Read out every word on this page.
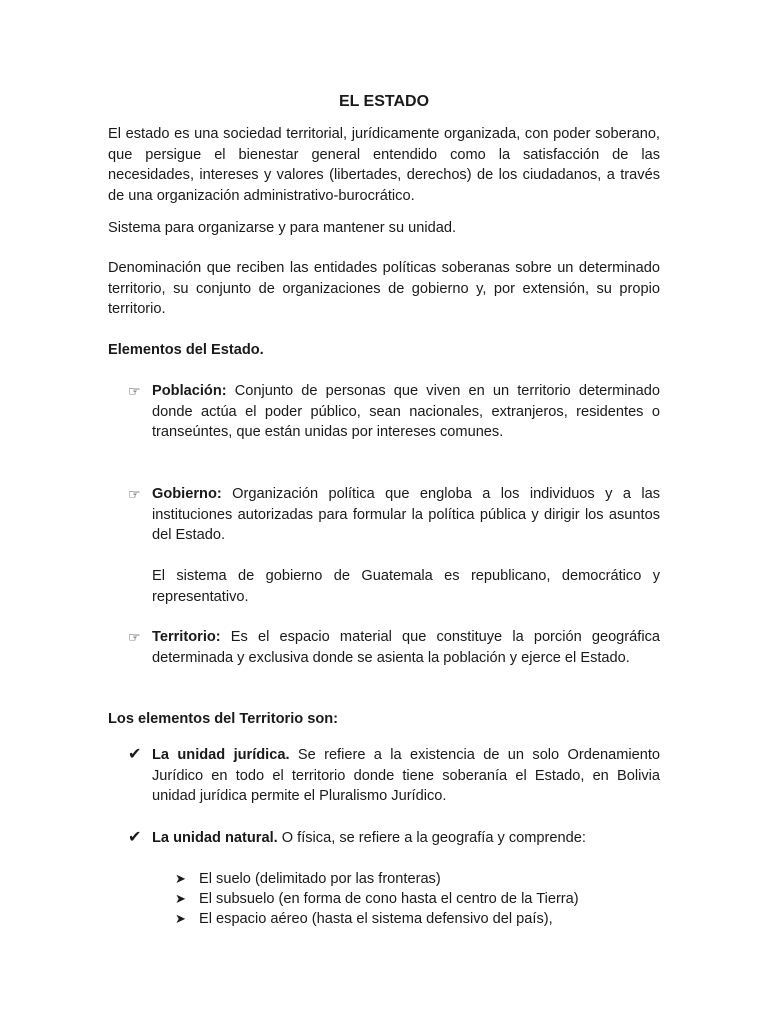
EL ESTADO

El estado es una sociedad territorial, jurídicamente organizada, con poder soberano, que persigue el bienestar general entendido como la satisfacción de las necesidades, intereses y valores (libertades, derechos) de los ciudadanos, a través de una organización administrativo-burocrático.

Sistema para organizarse y para mantener su unidad.

Denominación que reciben las entidades políticas soberanas sobre un determinado territorio, su conjunto de organizaciones de gobierno y, por extensión, su propio territorio.

Elementos del Estado.

☞ Población: Conjunto de personas que viven en un territorio determinado donde actúa el poder público, sean nacionales, extranjeros, residentes o transeúntes, que están unidas por intereses comunes.
☞ Gobierno: Organización política que engloba a los individuos y a las instituciones autorizadas para formular la política pública y dirigir los asuntos del Estado.
El sistema de gobierno de Guatemala es republicano, democrático y representativo.
☞ Territorio: Es el espacio material que constituye la porción geográfica determinada y exclusiva donde se asienta la población y ejerce el Estado.

Los elementos del Territorio son:

✔ La unidad jurídica. Se refiere a la existencia de un solo Ordenamiento Jurídico en todo el territorio donde tiene soberanía el Estado, en Bolivia unidad jurídica permite el Pluralismo Jurídico.
✔ La unidad natural. O física, se refiere a la geografía y comprende:
➤ El suelo (delimitado por las fronteras)
➤ El subsuelo (en forma de cono hasta el centro de la Tierra)
➤ El espacio aéreo (hasta el sistema defensivo del país),
